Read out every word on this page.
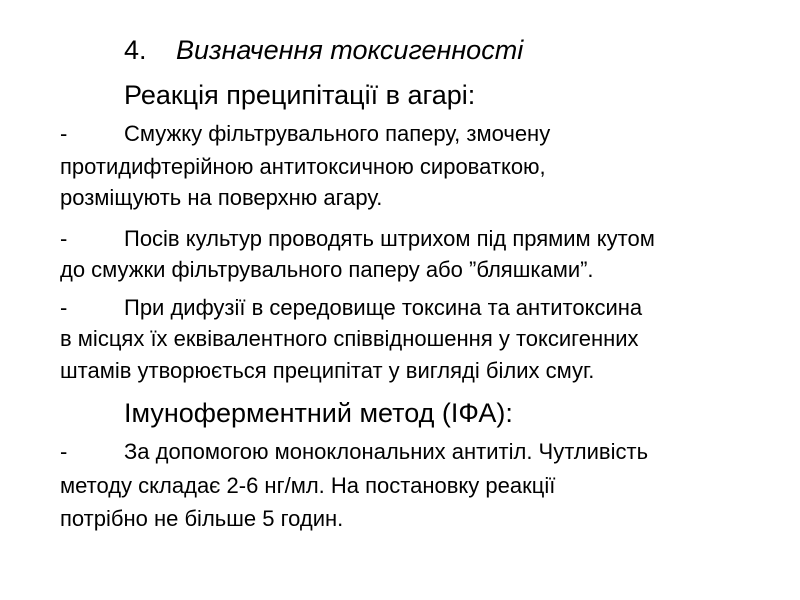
4. Визначення токсигенності
Реакція преципітації в агарі:
-	Смужку фільтрувального паперу, змочену
протидифтерійною антитоксичною сироваткою,
розміщують на поверхню агару.
-	Посів культур проводять штрихом під прямим кутом
до смужки фільтрувального паперу або ”бляшками”.
-	При дифузії в середовище токсина та антитоксина
в місцях їх еквівалентного співвідношення у токсигенних
штамів утворюється преципітат у вигляді білих смуг.
Імуноферментний метод (ІФА):
-	За допомогою моноклональних антитіл. Чутливість
методу складає 2-6 нг/мл. На постановку реакції
потрібно не більше 5 годин.
